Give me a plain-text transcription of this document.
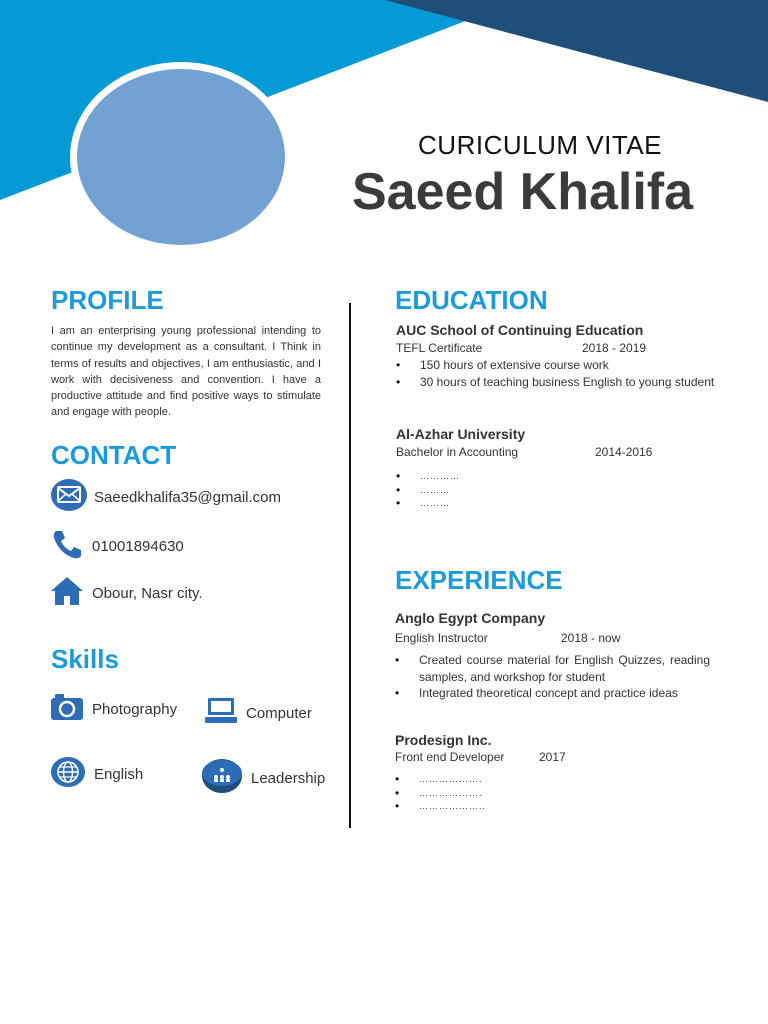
CURICULUM VITAE
Saeed Khalifa
PROFILE
I am an enterprising young professional intending to continue my development as a consultant. I Think in terms of results and objectives, I am enthusiastic, and I work with decisiveness and convention. I have a productive attitude and find positive ways to stimulate and engage with people.
CONTACT
Saeedkhalifa35@gmail.com
01001894630
Obour, Nasr city.
Skills
Photography	Computer
English	Leadership
EDUCATION
AUC School of Continuing Education
TEFL Certificate	2018 - 2019
• 150 hours of extensive course work
• 30 hours of teaching business English to young student
Al-Azhar University
Bachelor in Accounting	2014-2016
• …………
• ………
• ………
EXPERIENCE
Anglo Egypt Company
English Instructor	2018 - now
• Created course material for English Quizzes, reading samples, and workshop for student
• Integrated theoretical concept and practice ideas
Prodesign Inc.
Front end Developer	2017
• ……………….
• ……………….
• ………………..
